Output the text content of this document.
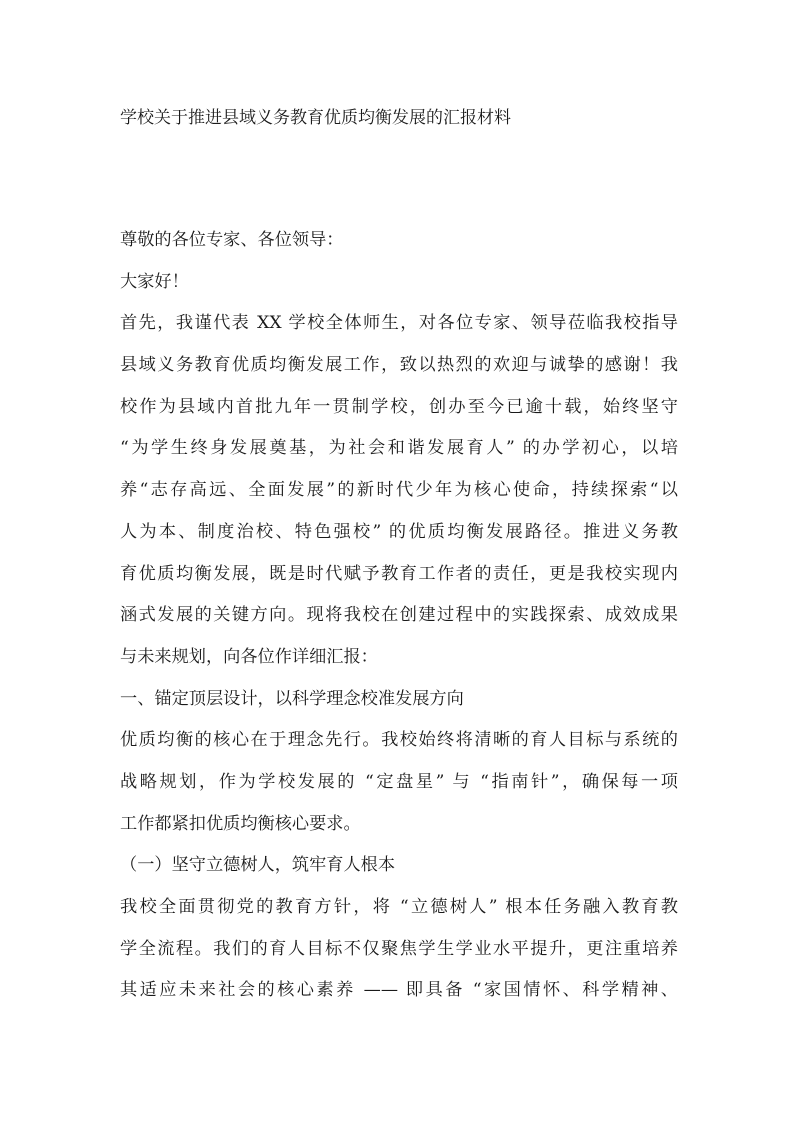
学校关于推进县域义务教育优质均衡发展的汇报材料
尊敬的各位专家、各位领导：
大家好！
首先，我谨代表 XX 学校全体师生，对各位专家、领导莅临我校指导
县域义务教育优质均衡发展工作，致以热烈的欢迎与诚挚的感谢！我
校作为县域内首批九年一贯制学校，创办至今已逾十载，始终坚守
“为学生终身发展奠基，为社会和谐发展育人” 的办学初心，以培
养“志存高远、全面发展”的新时代少年为核心使命，持续探索“以
人为本、制度治校、特色强校” 的优质均衡发展路径。推进义务教
育优质均衡发展，既是时代赋予教育工作者的责任，更是我校实现内
涵式发展的关键方向。现将我校在创建过程中的实践探索、成效成果
与未来规划，向各位作详细汇报：
一、锚定顶层设计，以科学理念校准发展方向
优质均衡的核心在于理念先行。我校始终将清晰的育人目标与系统的
战略规划，作为学校发展的 “定盘星” 与 “指南针”，确保每一项
工作都紧扣优质均衡核心要求。
（一）坚守立德树人，筑牢育人根本
我校全面贯彻党的教育方针，将 “立德树人” 根本任务融入教育教
学全流程。我们的育人目标不仅聚焦学生学业水平提升，更注重培养
其适应未来社会的核心素养 —— 即具备 “家国情怀、科学精神、
